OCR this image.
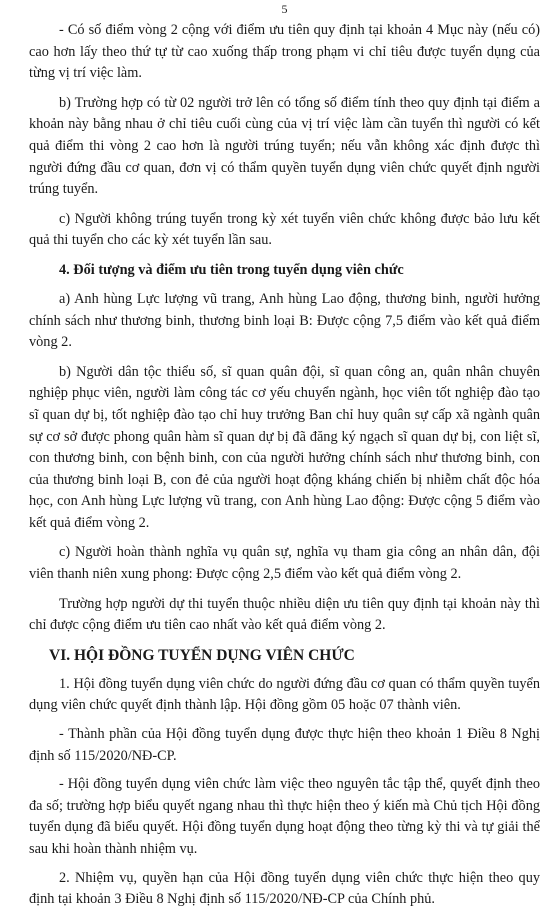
5

- Có số điểm vòng 2 cộng với điểm ưu tiên quy định tại khoản 4 Mục này (nếu có) cao hơn lấy theo thứ tự từ cao xuống thấp trong phạm vi chỉ tiêu được tuyển dụng của từng vị trí việc làm.

b) Trường hợp có từ 02 người trở lên có tổng số điểm tính theo quy định tại điểm a khoản này bằng nhau ở chỉ tiêu cuối cùng của vị trí việc làm cần tuyển thì người có kết quả điểm thi vòng 2 cao hơn là người trúng tuyển; nếu vẫn không xác định được thì người đứng đầu cơ quan, đơn vị có thẩm quyền tuyển dụng viên chức quyết định người trúng tuyển.

c) Người không trúng tuyển trong kỳ xét tuyển viên chức không được bảo lưu kết quả thi tuyển cho các kỳ xét tuyển lần sau.

4. Đối tượng và điểm ưu tiên trong tuyển dụng viên chức

a) Anh hùng Lực lượng vũ trang, Anh hùng Lao động, thương binh, người hưởng chính sách như thương binh, thương binh loại B: Được cộng 7,5 điểm vào kết quả điểm vòng 2.

b) Người dân tộc thiểu số, sĩ quan quân đội, sĩ quan công an, quân nhân chuyên nghiệp phục viên, người làm công tác cơ yếu chuyển ngành, học viên tốt nghiệp đào tạo sĩ quan dự bị, tốt nghiệp đào tạo chỉ huy trưởng Ban chỉ huy quân sự cấp xã ngành quân sự cơ sở được phong quân hàm sĩ quan dự bị đã đăng ký ngạch sĩ quan dự bị, con liệt sĩ, con thương binh, con bệnh binh, con của người hưởng chính sách như thương binh, con của thương binh loại B, con đẻ của người hoạt động kháng chiến bị nhiễm chất độc hóa học, con Anh hùng Lực lượng vũ trang, con Anh hùng Lao động: Được cộng 5 điểm vào kết quả điểm vòng 2.

c) Người hoàn thành nghĩa vụ quân sự, nghĩa vụ tham gia công an nhân dân, đội viên thanh niên xung phong: Được cộng 2,5 điểm vào kết quả điểm vòng 2.

Trường hợp người dự thi tuyển thuộc nhiều diện ưu tiên quy định tại khoản này thì chỉ được cộng điểm ưu tiên cao nhất vào kết quả điểm vòng 2.

VI. HỘI ĐỒNG TUYỂN DỤNG VIÊN CHỨC

1. Hội đồng tuyển dụng viên chức do người đứng đầu cơ quan có thẩm quyền tuyển dụng viên chức quyết định thành lập. Hội đồng gồm 05 hoặc 07 thành viên.

- Thành phần của Hội đồng tuyển dụng được thực hiện theo khoản 1 Điều 8 Nghị định số 115/2020/NĐ-CP.

- Hội đồng tuyển dụng viên chức làm việc theo nguyên tắc tập thể, quyết định theo đa số; trường hợp biểu quyết ngang nhau thì thực hiện theo ý kiến mà Chủ tịch Hội đồng tuyển dụng đã biểu quyết. Hội đồng tuyển dụng hoạt động theo từng kỳ thi và tự giải thể sau khi hoàn thành nhiệm vụ.

2. Nhiệm vụ, quyền hạn của Hội đồng tuyển dụng viên chức thực hiện theo quy định tại khoản 3 Điều 8 Nghị định số 115/2020/NĐ-CP của Chính phủ.
